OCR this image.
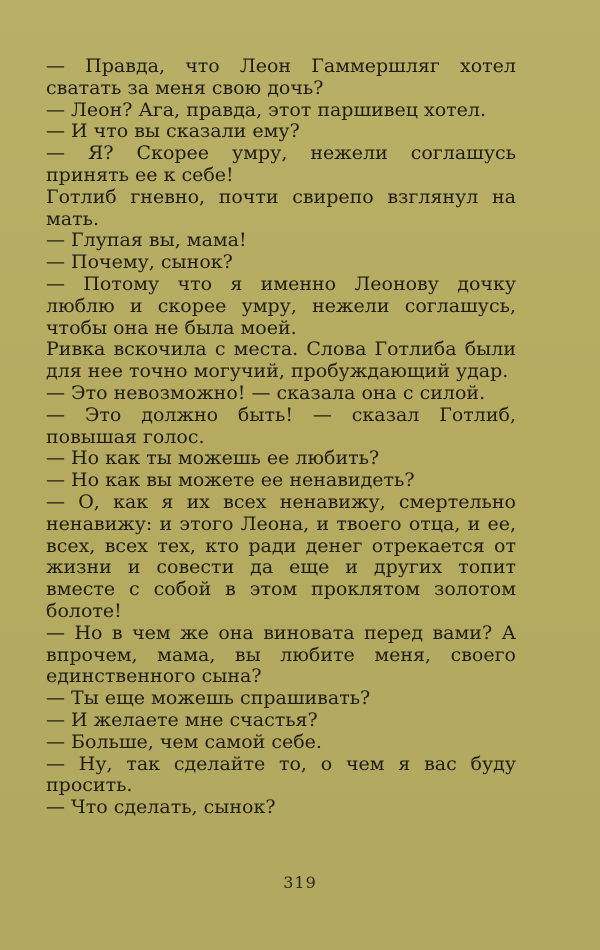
— Правда, что Леон Гаммершляг хотел сватать за меня свою дочь?

— Леон? Ага, правда, этот паршивец хотел.

— И что вы сказали ему?

— Я? Скорее умру, нежели соглашусь принять ее к себе!

Готлиб гневно, почти свирепо взглянул на мать.

— Глупая вы, мама!

— Почему, сынок?

— Потому что я именно Леонову дочку люблю и скорее умру, нежели соглашусь, чтобы она не была моей.

Ривка вскочила с места. Слова Готлиба были для нее точно могучий, пробуждающий удар.

— Это невозможно! — сказала она с силой.

— Это должно быть! — сказал Готлиб, повышая голос.

— Но как ты можешь ее любить?

— Но как вы можете ее ненавидеть?

— О, как я их всех ненавижу, смертельно ненавижу: и этого Леона, и твоего отца, и ее, всех, всех тех, кто ради денег отрекается от жизни и совести да еще и других топит вместе с собой в этом проклятом золотом болоте!

— Но в чем же она виновата перед вами? А впрочем, мама, вы любите меня, своего единственного сына?

— Ты еще можешь спрашивать?

— И желаете мне счастья?

— Больше, чем самой себе.

— Ну, так сделайте то, о чем я вас буду просить.

— Что сделать, сынок?

319
